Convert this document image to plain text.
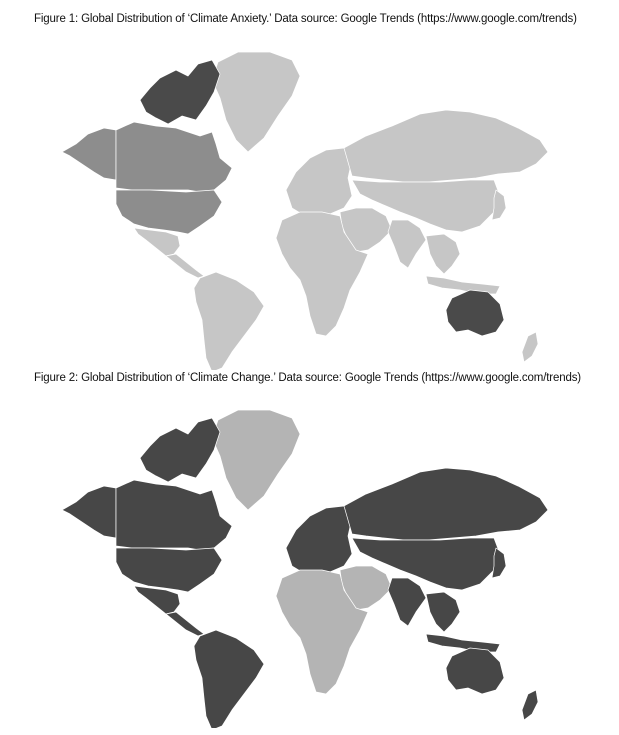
Figure 1: Global Distribution of ‘Climate Anxiety.’ Data source: Google Trends (https://www.google.com/trends)
Figure 2: Global Distribution of ‘Climate Change.’ Data source: Google Trends (https://www.google.com/trends)
